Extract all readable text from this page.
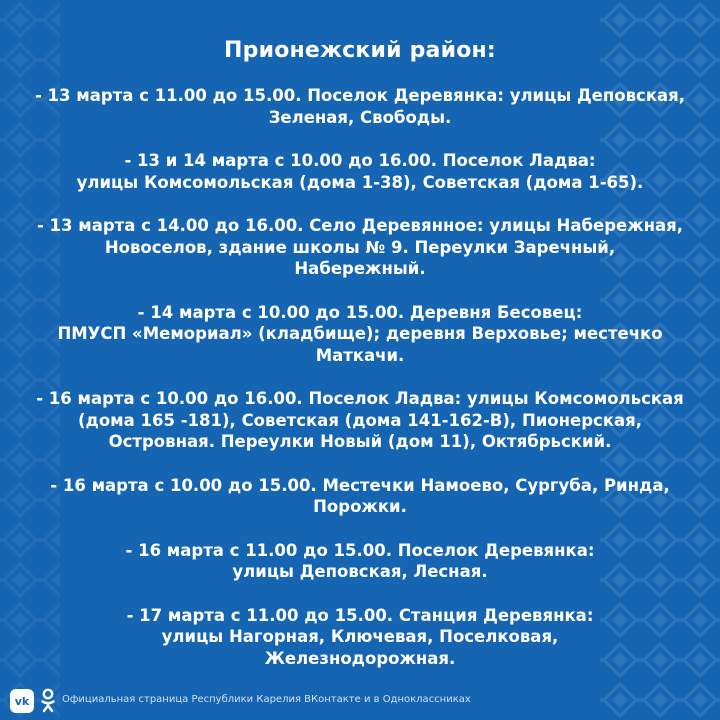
Прионежский район:
- 13 марта с 11.00 до 15.00. Поселок Деревянка: улицы Деповская,
Зеленая, Свободы.
- 13 и 14 марта с 10.00 до 16.00. Поселок Ладва:
улицы Комсомольская (дома 1-38), Советская (дома 1-65).
- 13 марта с 14.00 до 16.00. Село Деревянное: улицы Набережная,
Новоселов, здание школы № 9. Переулки Заречный,
Набережный.
- 14 марта с 10.00 до 15.00. Деревня Бесовец:
ПМУСП «Мемориал» (кладбище); деревня Верховье; местечко
Маткачи.
- 16 марта с 10.00 до 16.00. Поселок Ладва: улицы Комсомольская
(дома 165 -181), Советская (дома 141-162-В), Пионерская,
Островная. Переулки Новый (дом 11), Октябрьский.
- 16 марта с 10.00 до 15.00. Местечки Намоево, Сургуба, Ринда,
Порожки.
- 16 марта с 11.00 до 15.00. Поселок Деревянка:
улицы Деповская, Лесная.
- 17 марта с 11.00 до 15.00. Станция Деревянка:
улицы Нагорная, Ключевая, Поселковая,
Железнодорожная.
vk	Официальная страница Республики Карелия ВКонтакте и в Одноклассниках
